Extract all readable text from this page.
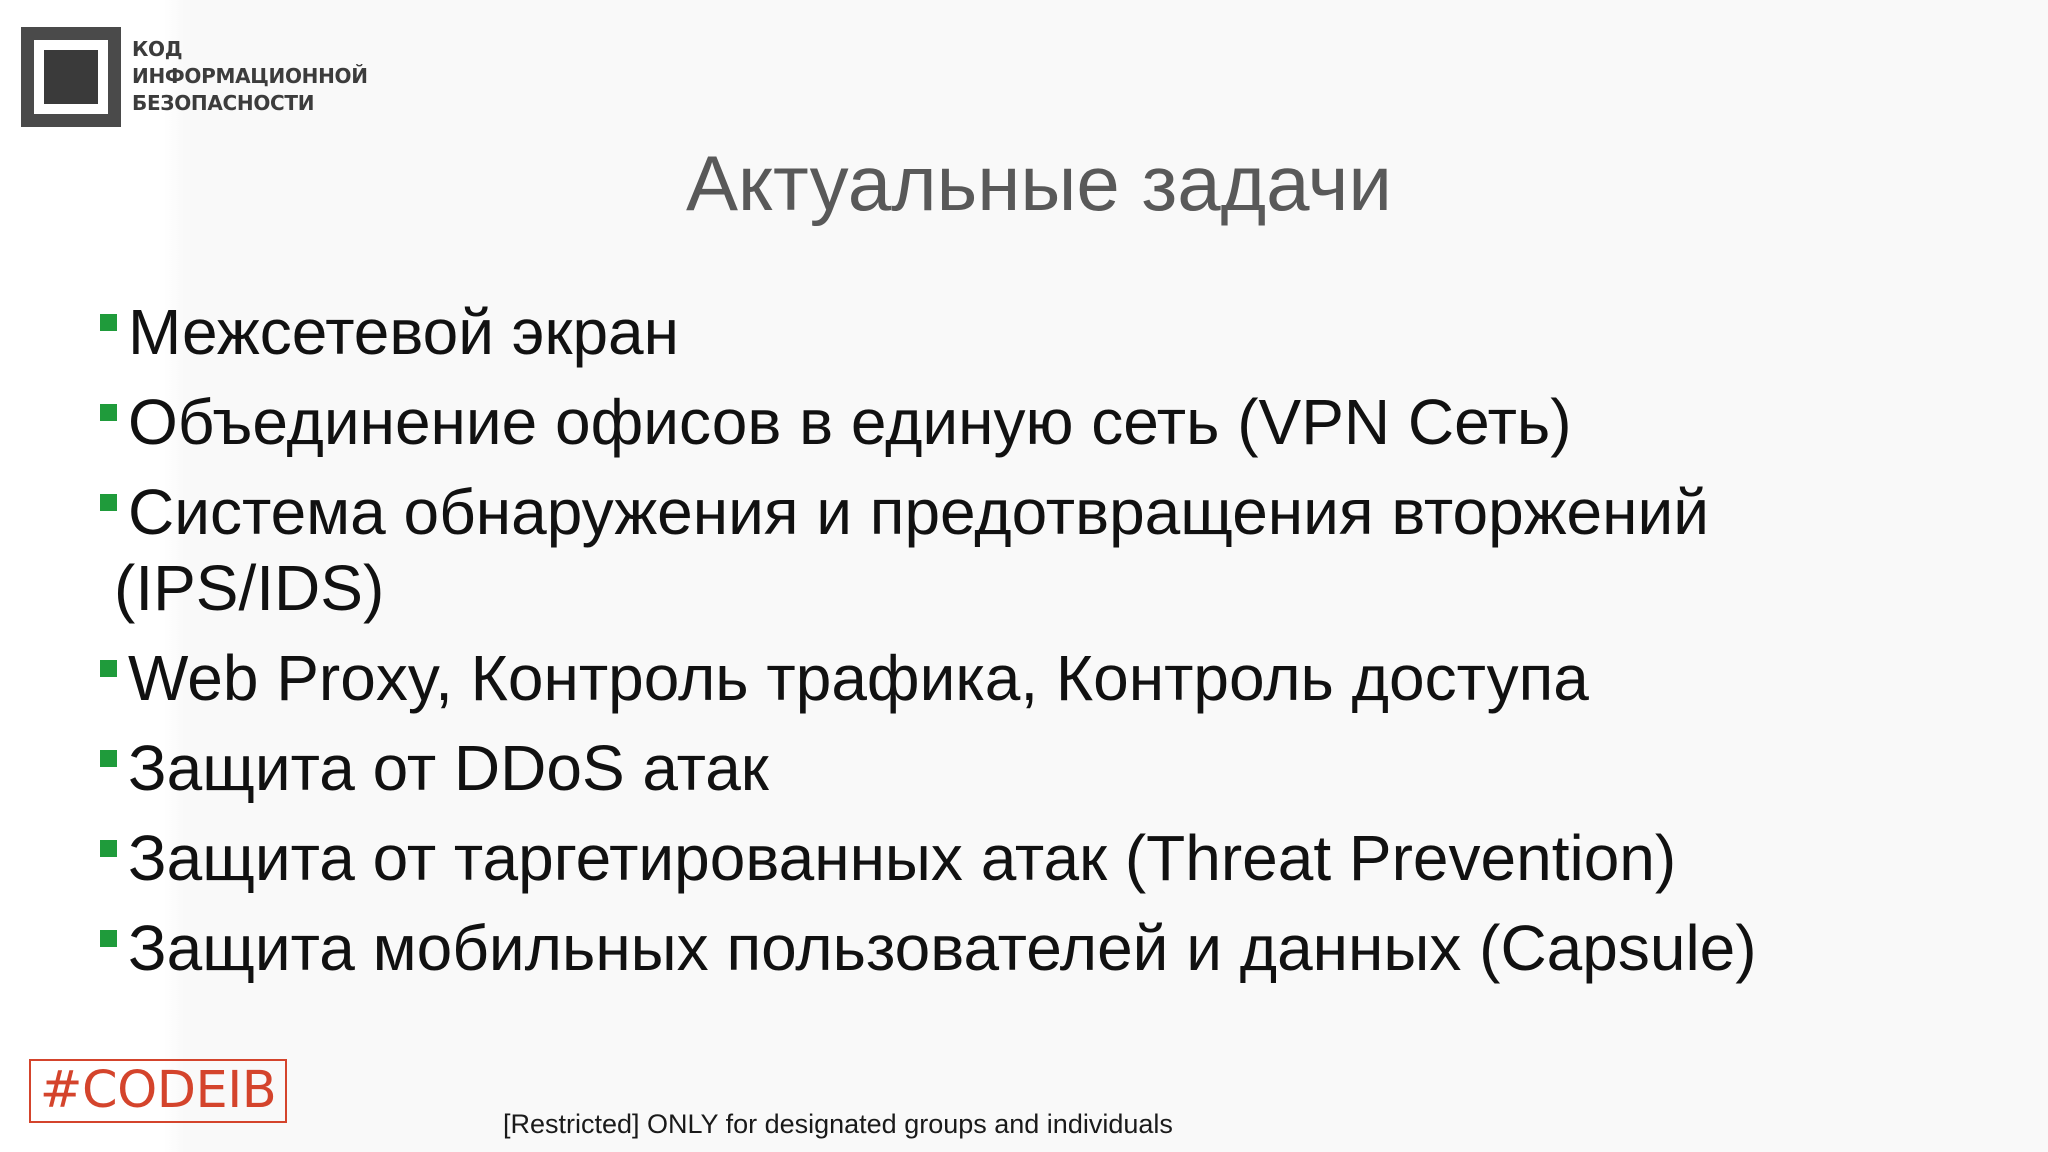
КОД
ИНФОРМАЦИОННОЙ
БЕЗОПАСНОСТИ
Актуальные задачи
Межсетевой экран
Объединение офисов в единую сеть (VPN Сеть)
Система обнаружения и предотвращения вторжений
(IPS/IDS)
Web Proxy, Контроль трафика, Контроль доступа
Защита от DDoS атак
Защита от таргетированных атак (Threat Prevention)
Защита мобильных пользователей и данных (Capsule)
#CODEIB
[Restricted] ONLY for designated groups and individuals
